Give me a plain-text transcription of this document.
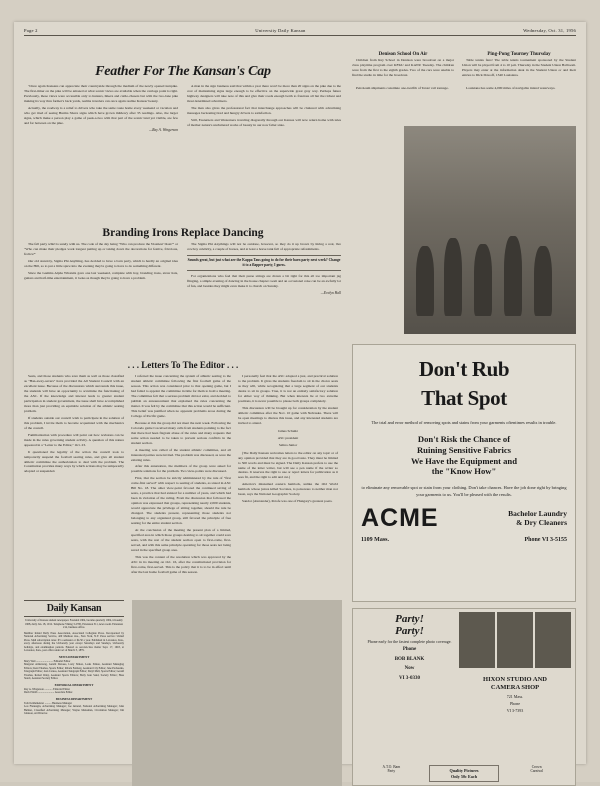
Page 2	University Daily Kansan	Wednesday, Oct. 31, 1956
Denison School On Air

Children from Ray School in Denison were broadcast on a major class playtime program over KFKU and KANU Tuesday. The children were from the first to the eighth grades. Two of the cars were unable to find the studio in time for the broadcast.

Petroleum shipments constitute one-twelfth of Texas' rail tonnage.

Ping-Pong Tourney Thursday

Table tennis fans! The table tennis tournament sponsored by the Student Union will be played from 4 to 10 p.m. Thursday in the Student Union Ballroom. Players may enter at the information desk in the Student Union or and their entries to Dick Dawoff, 1340 Louisiana.

Louisiana has some 4,000 miles of navigable inland waterways.

Feather For The Kansan's Cap

"Once again Kansans can appreciate their countryside through the medium of the newly opened turnpike. The first-timer on the pike will be amazed at what scenic views are available when the carriage point is right. Previously, these views were accessible only to hunters, hikers and cattle-chasers but with the two-lane pike making its way thru farmer's back yards, realms travelers can once again realize Kansas' beauty.

Actually, the roadway is a relief to drivers who take the same route home every weekend or vacation and who get tired of seeing Burma Shave signs which have grown mildewy after 35 readings. Also, the larger signs, which make a person play a game of peek-a-boo with that part of the scenic land yet visible, are few and far between on the pike.

—Ray A. Wingerson

A man in the sign business said that within a year there won't be more than 20 signs on the pike due to the cost of maintaining signs large enough to be effective on the superwide great gray way. Perhaps future highway designers will take note of this and give their roads enough berth to frustrate all but the richest and most determined advertisers.

The man also gives the professional fact that interchange approaches will be cluttered with advertising messages beckoning tired and hungry drivers to satisfaction.

Still, Easterners and Westerners traveling diagonally through our Kansas will now return home with tales of mother nature's uncluttered works of beauty in our now falter state.

Branding Irons Replace Dancing

The fall party whirl is surely with us. The code of the day being "Who can produce the 'blastiest' blast?" or "Who can make their pledges work longest putting up or taking down the decorations for festive, frivolous, frolics?"

Our old stand-by, Sigma Phi Anything, has decided to have a barn party, which is hardly an original idea on the Hill, so to put a little spice into the evening they're going to have to do something different.

Since the Gamma Alpha Whatsits gave one last weekend, complete with hay, branding irons, straw hats, guitars and half-time entertainment, it looks as though they're going to have a problem.

The Sigma Phi Anythings will not be outdone, however, so they do it up brown by hiring a real, live cowboy celebrity, a couple of horses, and at least a horse tank full of appropriate refreshments.

Sounds great, but just what are the Kappa Taus going to do for their barn party next week? Change it to a flapper party, I guess.

For organizations who feel that their purse strings are drawn a bit tight for this all too important jag flinging, a simple evening of dancing in the house chapter room and an occasional coke can be an awfully lot of fun, and besides they might even make it to church on Sunday.

—Evelyn Hall
. . . Letters To The Editor . . .

Seats, and those students who save them as well as those classified as "Han-away-savers" have provided the All Student Council with an excellent issue. Because of the discussions which surrounds this issue, the students will have an opportunity to scrutinize the functioning of the ASC. If the knowledge and interest leads to greater student participation in student government, the issue shall have accomplished more than just providing an equitable solution of the athletic seating problem.

If students outside our council wish to participate in the solution of this problem, I invite them to become acquainted with the mechanics of the council.

Familiarization with procedure will point out how revisions can be made in the rules governing student activity. A question of this nature appeared in a "Letter to the Editor," Oct. 23.

It questioned the legality of the action the council took to temporarily suspend the football seating rules, and give all student athletic committee the authorization to deal with the problem. The Constitution provides many ways by which actions may be temporarily adopted or suspended.

I referred the issue concerning the system of athletic seating to the student athletic committee following the first football game of the season. This action was considered prior to that opening game, but I had failed to appoint the committee in time for them to hold a meeting. The committee felt that a serious problem did not exist, and decided to publish an announcement that explained the rules concerning the matter. It was felt by the committee that this action would be sufficient. This belief was justified when no apparent problems arose during the College of Pacific game.

Because at this the group did not meet the next week. Following the Colorado game I received many calls from students pointing to the fact that there had been flagrant abuse of the rules and many requests that some action needed to be taken to prevent serious conflicts in the student section.

A meeting was called of the student athletic committee, and all interested parties were invited. The problem was discussed, as were the existing rules.

After this annexation, the members of the group were asked for possible solutions for the problem. Two view-points were discussed.

First, that the section be strictly administered by the rule of "first come-first served" with respect to seating of students, as stated in ASC Bill No. 18. The other view-point favored the continued saving of seats, a practice that had existed for a number of years, and which had been in violation of the ruling. From the discussion that followed the opinion was expressed that groups, representing nearly 2,000 students, would appreciate the privilege of sitting together, should the rule be changed. The students present, representing those students not belonging to any organized group, still favored the principle of free seating for the entire student section.

At the conclusion of the meeting the present plan of a limited, specified area in which those groups desiring to sit together could save seats, with the rest of the student section open to first-come, first-served, and with this same principle operating for those seats not being saved in the specified group area.

This was the content of the resolution which was approved by the ASC in its meeting on Oct. 16, after the constitutional provision for first-come, first-served. This is the policy that it is to be in effect until after the last home football game of this season.

I personally feel that the ASC adopted a just, and practical solution to the problem. It gives the students freedom to sit in the choice seats as they will, while recognizing that a large segment of our students desire to sit in groups. True, it is not an entirely satisfactory solution for either way of thinking. But when interests lie at two extreme positions, it is never possible to please both groups completely.

This discussion will be brought up for consideration by the student athletic committee after the Nov. 10 game with Nebraska. There will be open meetings to discuss this issue, and any interested students are invited to attend.

James Schultz

ASC president

Salina Junior

(The Daily Kansan welcomes letters to the editor on any topic or of any opinion provided that they are in good taste. They must be limited to 500 words and must be signed. The Daily Kansan prefers to use the name of the letter writer, but will see a pen name if the writer so desires. It reserves the right to use or reject letters for publication as it sees fit, and the right to edit and cut.)

America's misnamed eastern hemlock, unlike the Old World hemlock whose juices killed Socrates, is poisonous to neither man nor beast, says the National Geographic Society.

Sandor (Alexander), Petofe was one of Hungary's greatest poets.

Daily Kansan
University of Kansas student newspaper. Founded 1904, became quarterly 1904, triweekly 1908, daily Jan. 18, 1912. Telephone VIking 3-2700, Extension 311, news room. Extension 214, business office.
Member Inland Daily Press Association, Associated Collegiate Press. Incorporated by National Advertising Service, 420 Madison Ave., New York, N.Y. Press service: United Press. Mail subscription rates: $3 a semester or $4.50 a year. Published in Lawrence, Kan., every afternoon during the University year except Saturdays and Sundays, University holidays, and examination periods. Entered as second-class matter Sept. 17, 1918, at Lawrence, Kan., post office under act of March 3, 1879.
NEWS DEPARTMENT
Mary Wait ......................... Editorial Editor
Margaret Armstrong, Gerald Dewees, Larry Simon, Louis Simon, Assistant Managing Editors; Kent Thomas, Sports Editor; Pebela Fenberg, Assistant City Editor; Jane Prohaszka, Telegraph Editor; Jean Caruso, Assistant Telegraph Editor; Daryl Mall, Sports Editor; Gerald Thomas, Robert Riley, Assistant Sports Editors; Betty Jean Sand, Society Editor; Hess Sturzl, Assistant Society Editor.
EDITORIAL DEPARTMENT
Ray A. Wingerson ............ Editorial Editor
David Webb ........................ Associate Editor
BUSINESS DEPARTMENT
Todd Gildemeister .......... Business Manager
Lou Flannagin, Advertising Manager; Joe Ahrend, National Advertising Manager; John Bultner, Classified Advertising Manager; Wayne Meissman, Circulation Manager; Jim Johnson, Art Director.
Don't Rub
That Spot
The trial and error method of removing spots and stains from your garments oftentimes results in trouble.
Don't Risk the Chance of
Ruining Sensitive Fabrics
We Have the Equipment and
the "Know How"
to eliminate any removable spot or stain from your clothing. Don't take chances. Have the job done right by bringing your garments to us. You'll be pleased with the results.
ACME	Bachelor Laundry
& Dry Cleaners
1109 Mass.	Phone VI 3-5155
Party!
Party!
Phone early for the fastest complete photo coverage.
Phone
BOB BLANK
Now
VI 3-0330	HIXON STUDIO AND
CAMERA SHOP
721 Mass.
Phone
VI 3-7393
A.T.O. Barn
Party	Quality Pictures
Only 50c Each
Crown
Carnival
